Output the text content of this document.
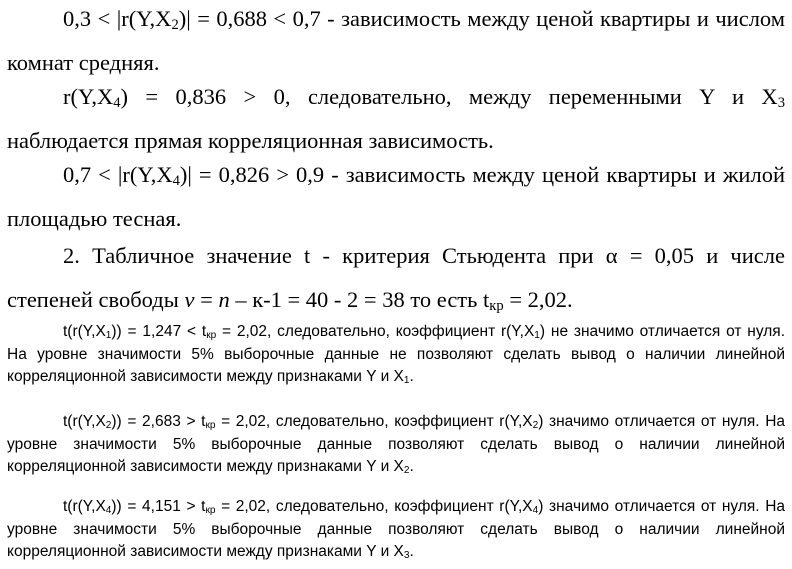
$0,3 < |r(Y,X_2)| = 0,688 < 0,7$ - зависимость между ценой квартиры и числом комнат средняя.

$r(Y,X_4) = 0,836 > 0$, следовательно, между переменными Y и $X_3$ наблюдается прямая корреляционная зависимость.

$0,7 < |r(Y,X_4)| = 0,826 > 0,9$ - зависимость между ценой квартиры и жилой площадью тесная.

2. Табличное значение t - критерия Стьюдента при α = 0,05 и числе степеней свободы ν = n – к-1 = 40 - 2 = 38 то есть $t_{кр} = 2,02$.

$t(r(Y,X_1)) = 1,247 < t_{кр} = 2,02$, следовательно, коэффициент $r(Y,X_1)$ не значимо отличается от нуля. На уровне значимости 5% выборочные данные не позволяют сделать вывод о наличии линейной корреляционной зависимости между признаками Y и $X_1$.

$t(r(Y,X_2)) = 2,683 > t_{кр} = 2,02$, следовательно, коэффициент $r(Y,X_2)$ значимо отличается от нуля. На уровне значимости 5% выборочные данные позволяют сделать вывод о наличии линейной корреляционной зависимости между признаками Y и $X_2$.

$t(r(Y,X_4)) = 4,151 > t_{кр} = 2,02$, следовательно, коэффициент $r(Y,X_4)$ значимо отличается от нуля. На уровне значимости 5% выборочные данные позволяют сделать вывод о наличии линейной корреляционной зависимости между признаками Y и $X_3$.
